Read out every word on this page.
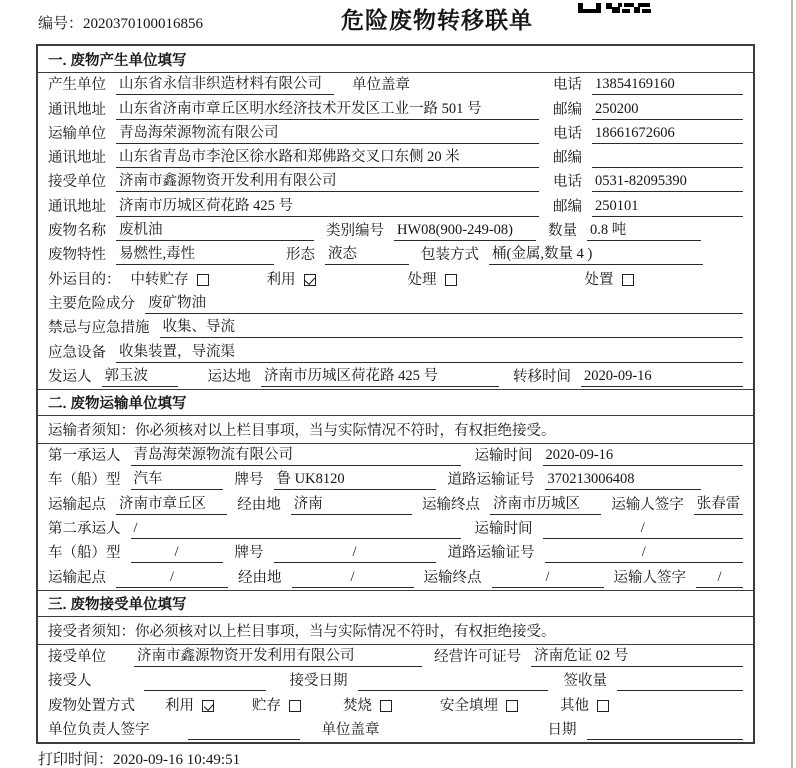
编号：2020370100016856	危险废物转移联单
一. 废物产生单位填写
产生单位 山东省永信非织造材料有限公司	单位盖章	电话 13854169160
通讯地址 山东省济南市章丘区明水经济技术开发区工业一路 501 号	邮编 250200
运输单位 青岛海荣源物流有限公司	电话 18661672606
通讯地址 山东省青岛市李沧区徐水路和郑佛路交叉口东侧 20 米	邮编
接受单位 济南市鑫源物资开发利用有限公司	电话 0531-82095390
通讯地址 济南市历城区荷花路 425 号	邮编 250101
废物名称 废机油	类别编号 HW08(900-249-08)	数量 0.8 吨
废物特性 易燃性,毒性	形态 液态	包装方式 桶(金属,数量 4 )
外运目的： 中转贮存	利用	处理	处置
主要危险成分 废矿物油
禁忌与应急措施 收集、导流
应急设备 收集装置，导流渠
发运人 郭玉波	运达地 济南市历城区荷花路 425 号	转移时间 2020-09-16
二. 废物运输单位填写
运输者须知：你必须核对以上栏目事项，当与实际情况不符时，有权拒绝接受。
第一承运人 青岛海荣源物流有限公司	运输时间 2020-09-16
车（船）型 汽车	牌号 鲁 UK8120	道路运输证号 370213006408
运输起点 济南市章丘区	经由地 济南	运输终点 济南市历城区	运输人签字 张春雷
第二承运人 /	运输时间	/
车（船）型	/	牌号	/	道路运输证号	/
运输起点	/	经由地	/	运输终点	/	运输人签字	/
三. 废物接受单位填写
接受者须知：你必须核对以上栏目事项，当与实际情况不符时，有权拒绝接受。
接受单位 济南市鑫源物资开发利用有限公司	经营许可证号 济南危证 02 号
接受人	接受日期	签收量
废物处置方式 利用	贮存	焚烧	安全填埋	其他
单位负责人签字	单位盖章	日期
打印时间：2020-09-16 10:49:51
